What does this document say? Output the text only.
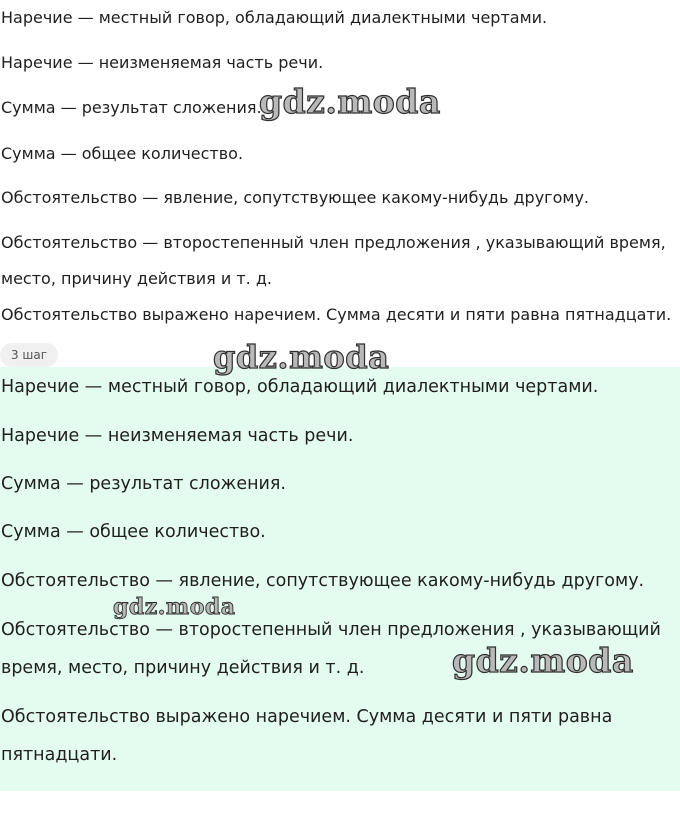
Наречие — местный говор, обладающий диалектными чертами.
Наречие — неизменяемая часть речи.
Сумма — результат сложения.
Сумма — общее количество.
Обстоятельство — явление, сопутствующее какому-нибудь другому.
Обстоятельство — второстепенный член предложения , указывающий время,
место, причину действия и т. д.
Обстоятельство выражено наречием. Сумма десяти и пяти равна пятнадцати.
3 шаг
Наречие — местный говор, обладающий диалектными чертами.
Наречие — неизменяемая часть речи.
Сумма — результат сложения.
Сумма — общее количество.
Обстоятельство — явление, сопутствующее какому-нибудь другому.
Обстоятельство — второстепенный член предложения , указывающий
время, место, причину действия и т. д.
Обстоятельство выражено наречием. Сумма десяти и пяти равна
пятнадцати.
gdz.moda
gdz.moda
gdz.moda
gdz.moda
